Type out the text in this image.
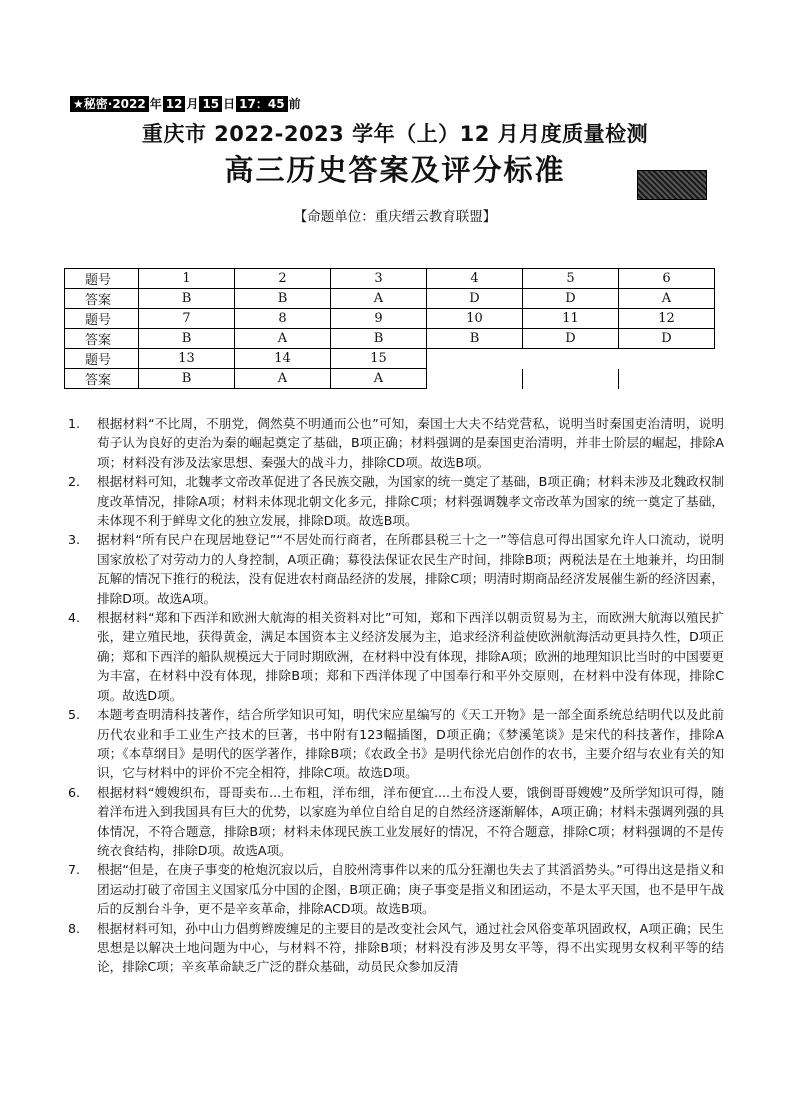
★秘密·2022 年 12 月 15 日 17：45 前
重庆市 2022-2023 学年（上）12 月月度质量检测
高三历史答案及评分标准
【命题单位：重庆缙云教育联盟】
题号	1	2	3	4	5	6
答案	B	B	A	D	D	A
题号	7	8	9	10	11	12
答案	B	A	B	B	D	D
题号	13	14	15			
答案	B	A	A			
1. 根据材料“不比周，不朋党，倜然莫不明通而公也”可知，秦国士大夫不结党营私，说明当时秦国吏治清明，说明荀子认为良好的吏治为秦的崛起奠定了基础，B项正确；材料强调的是秦国吏治清明，并非士阶层的崛起，排除A项；材料没有涉及法家思想、秦强大的战斗力，排除CD项。故选B项。
2. 根据材料可知，北魏孝文帝改革促进了各民族交融，为国家的统一奠定了基础，B项正确；材料未涉及北魏政权制度改革情况，排除A项；材料未体现北朝文化多元，排除C项；材料强调魏孝文帝改革为国家的统一奠定了基础，未体现不利于鲜卑文化的独立发展，排除D项。故选B项。
3. 据材料“所有民户在现居地登记”“不居处而行商者，在所郡县税三十之一”等信息可得出国家允许人口流动，说明国家放松了对劳动力的人身控制，A项正确；募役法保证农民生产时间，排除B项；两税法是在土地兼并，均田制瓦解的情况下推行的税法，没有促进农村商品经济的发展，排除C项；明清时期商品经济发展催生新的经济因素，排除D项。故选A项。
4. 根据材料“郑和下西洋和欧洲大航海的相关资料对比”可知，郑和下西洋以朝贡贸易为主，而欧洲大航海以殖民扩张，建立殖民地，获得黄金，满足本国资本主义经济发展为主，追求经济利益使欧洲航海活动更具持久性，D项正确；郑和下西洋的船队规模远大于同时期欧洲，在材料中没有体现，排除A项；欧洲的地理知识比当时的中国要更为丰富，在材料中没有体现，排除B项；郑和下西洋体现了中国奉行和平外交原则，在材料中没有体现，排除C项。故选D项。
5. 本题考查明清科技著作，结合所学知识可知，明代宋应星编写的《天工开物》是一部全面系统总结明代以及此前历代农业和手工业生产技术的巨著，书中附有123幅插图，D项正确；《梦溪笔谈》是宋代的科技著作，排除A项；《本草纲目》是明代的医学著作，排除B项；《农政全书》是明代徐光启创作的农书，主要介绍与农业有关的知识，它与材料中的评价不完全相符，排除C项。故选D项。
6. 根据材料“嫂嫂织布，哥哥卖布...土布粗，洋布细，洋布便宜....土布没人要，饿倒哥哥嫂嫂”及所学知识可得，随着洋布进入到我国具有巨大的优势，以家庭为单位自给自足的自然经济逐渐解体，A项正确；材料未强调列强的具体情况，不符合题意，排除B项；材料未体现民族工业发展好的情况，不符合题意，排除C项；材料强调的不是传统衣食结构，排除D项。故选A项。
7. 根据“但是，在庚子事变的枪炮沉寂以后，自胶州湾事件以来的瓜分狂潮也失去了其滔滔势头。”可得出这是指义和团运动打破了帝国主义国家瓜分中国的企图，B项正确；庚子事变是指义和团运动，不是太平天国，也不是甲午战后的反割台斗争，更不是辛亥革命，排除ACD项。故选B项。
8. 根据材料可知，孙中山力倡剪辫废缠足的主要目的是改变社会风气，通过社会风俗变革巩固政权，A项正确；民生思想是以解决土地问题为中心，与材料不符，排除B项；材料没有涉及男女平等，得不出实现男女权利平等的结论，排除C项；辛亥革命缺乏广泛的群众基础，动员民众参加反清
